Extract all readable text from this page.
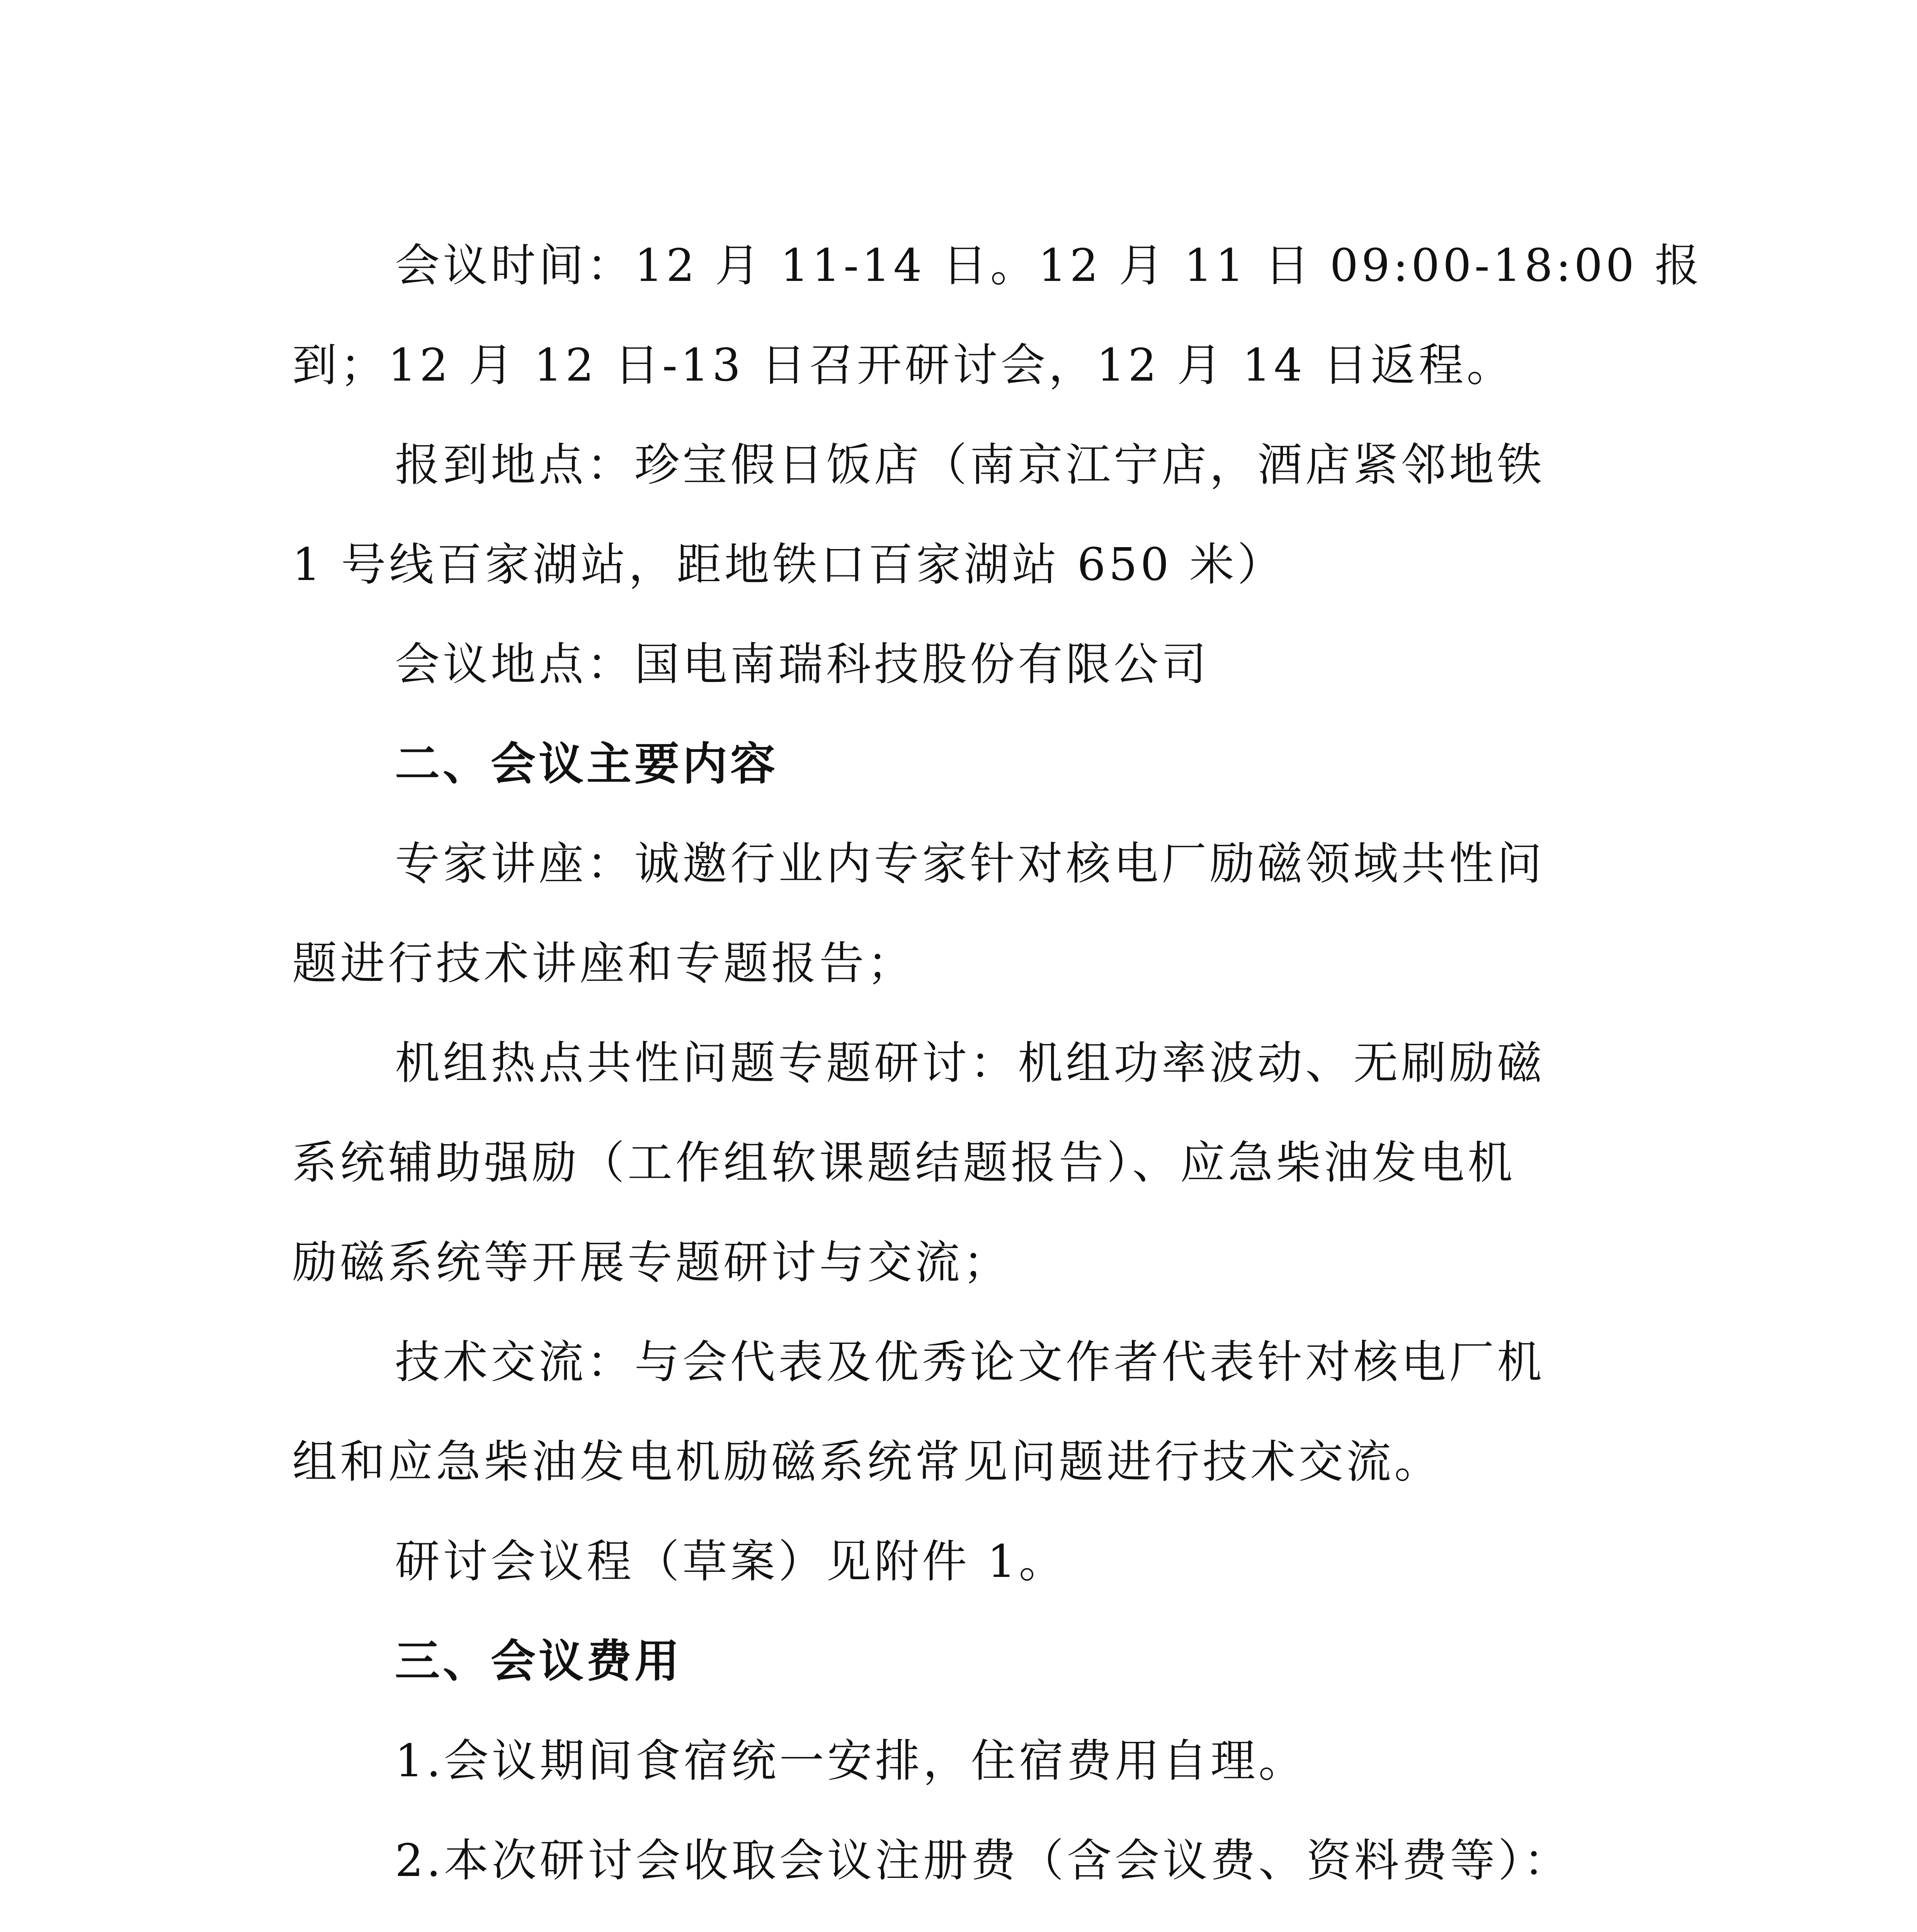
会议时间：12 月 11-14 日。12 月 11 日 09:00-18:00 报
到；12 月 12 日-13 日召开研讨会，12 月 14 日返程。
报到地点：珍宝假日饭店（南京江宁店，酒店紧邻地铁
1 号线百家湖站，距地铁口百家湖站 650 米）
会议地点：国电南瑞科技股份有限公司
二、会议主要内容
专家讲座：诚邀行业内专家针对核电厂励磁领域共性问
题进行技术讲座和专题报告；
机组热点共性问题专题研讨：机组功率波动、无刷励磁
系统辅助强励（工作组软课题结题报告）、应急柴油发电机
励磁系统等开展专题研讨与交流；
技术交流：与会代表及优秀论文作者代表针对核电厂机
组和应急柴油发电机励磁系统常见问题进行技术交流。
研讨会议程（草案）见附件 1。
三、会议费用
1.会议期间食宿统一安排，住宿费用自理。
2.本次研讨会收取会议注册费（含会议费、资料费等）：
